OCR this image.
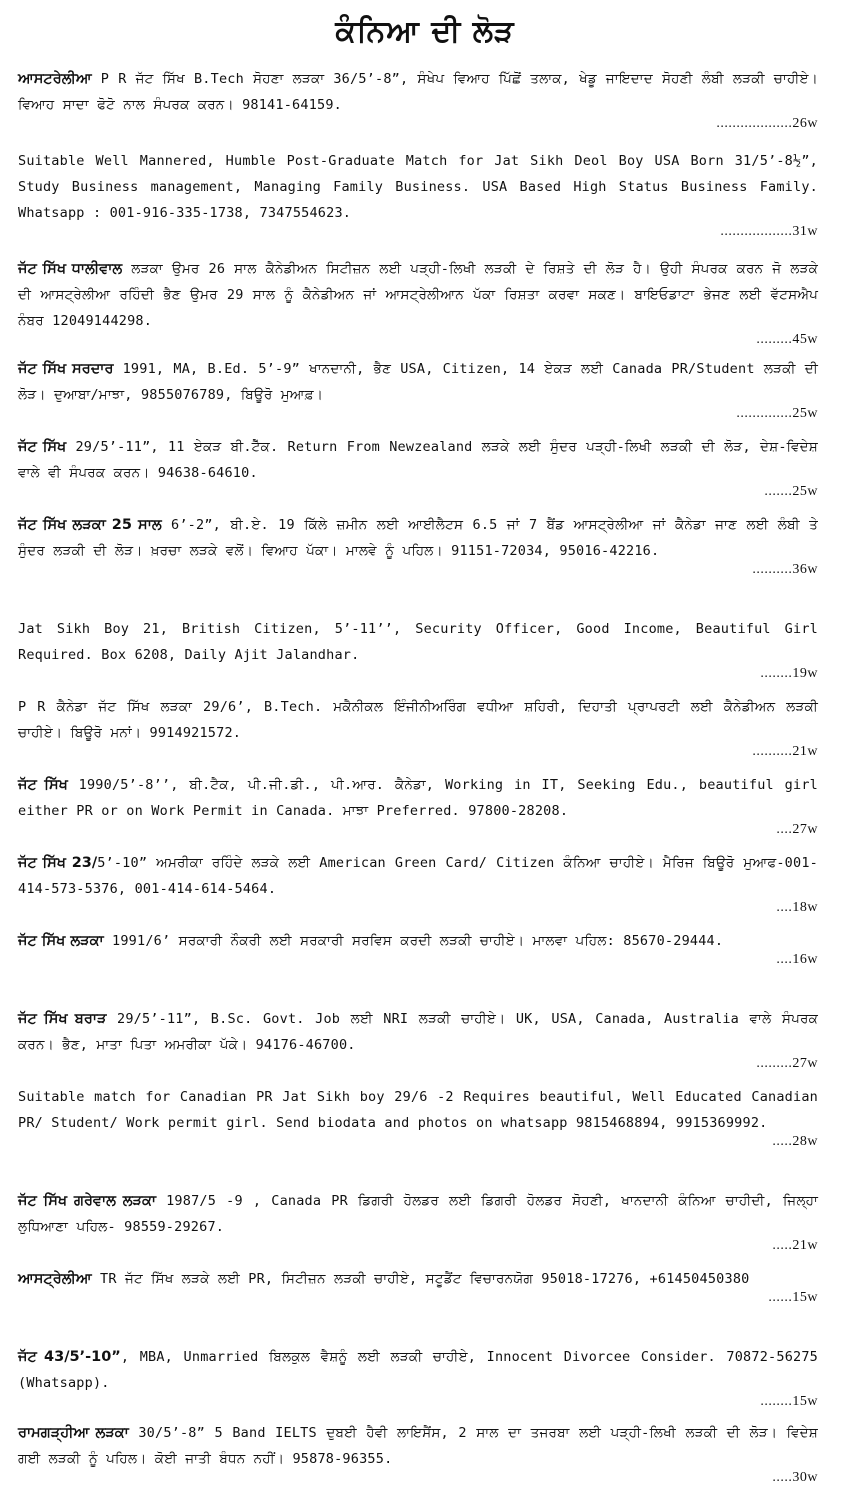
ਕੰਨਿਆ ਦੀ ਲੋੜ
ਆਸਟਰੇਲੀਆ P R ਜੱਟ ਸਿੱਖ B.Tech ਸੋਹਣਾ ਲੜਕਾ 36/5’-8”, ਸੰਖੇਪ ਵਿਆਹ ਪਿੱਛੋਂ ਤਲਾਕ, ਖੇਡੂ ਜਾਇਦਾਦ ਸੋਹਣੀ ਲੰਬੀ ਲੜਕੀ ਚਾਹੀਏ। ਵਿਆਹ ਸਾਦਾ ਫੋਟੋ ਨਾਲ ਸੰਪਰਕ ਕਰਨ। 98141-64159.
...................26w
Suitable Well Mannered, Humble Post-Graduate Match for Jat Sikh Deol Boy USA Born 31/5’-8½”, Study Business management, Managing Family Business. USA Based High Status Business Family. Whatsapp : 001-916-335-1738, 7347554623.
..................31w
ਜੱਟ ਸਿੱਖ ਧਾਲੀਵਾਲ ਲੜਕਾ ਉਮਰ 26 ਸਾਲ ਕੈਨੇਡੀਅਨ ਸਿਟੀਜ਼ਨ ਲਈ ਪੜ੍ਹੀ-ਲਿਖੀ ਲੜਕੀ ਦੇ ਰਿਸ਼ਤੇ ਦੀ ਲੋੜ ਹੈ। ਉਹੀ ਸੰਪਰਕ ਕਰਨ ਜੋ ਲੜਕੇ ਦੀ ਆਸਟ੍ਰੇਲੀਆ ਰਹਿੰਦੀ ਭੈਣ ਉਮਰ 29 ਸਾਲ ਨੂੰ ਕੈਨੇਡੀਅਨ ਜਾਂ ਆਸਟ੍ਰੇਲੀਆਨ ਪੱਕਾ ਰਿਸ਼ਤਾ ਕਰਵਾ ਸਕਣ। ਬਾਇਓਡਾਟਾ ਭੇਜਣ ਲਈ ਵੱਟਸਐਪ ਨੰਬਰ 12049144298.
.........45w
ਜੱਟ ਸਿੱਖ ਸਰਦਾਰ 1991, MA, B.Ed. 5’-9” ਖਾਨਦਾਨੀ, ਭੈਣ USA, Citizen, 14 ਏਕੜ ਲਈ Canada PR/Student ਲੜਕੀ ਦੀ ਲੋੜ। ਦੁਆਬਾ/ਮਾਝਾ, 9855076789, ਬਿਊਰੋ ਮੁਆਫ਼।
..............25w
ਜੱਟ ਸਿੱਖ 29/5’-11”, 11 ਏਕੜ ਬੀ.ਟੈੱਕ. Return From Newzealand ਲੜਕੇ ਲਈ ਸੁੰਦਰ ਪੜ੍ਹੀ-ਲਿਖੀ ਲੜਕੀ ਦੀ ਲੋੜ, ਦੇਸ਼-ਵਿਦੇਸ਼ ਵਾਲੇ ਵੀ ਸੰਪਰਕ ਕਰਨ। 94638-64610.
.......25w
ਜੱਟ ਸਿੱਖ ਲੜਕਾ 25 ਸਾਲ 6’-2”, ਬੀ.ਏ. 19 ਕਿੱਲੇ ਜ਼ਮੀਨ ਲਈ ਆਈਲੈਟਸ 6.5 ਜਾਂ 7 ਬੈਂਡ ਆਸਟ੍ਰੇਲੀਆ ਜਾਂ ਕੈਨੇਡਾ ਜਾਣ ਲਈ ਲੰਬੀ ਤੇ ਸੁੰਦਰ ਲੜਕੀ ਦੀ ਲੋੜ। ਖ਼ਰਚਾ ਲੜਕੇ ਵਲੋਂ। ਵਿਆਹ ਪੱਕਾ। ਮਾਲਵੇ ਨੂੰ ਪਹਿਲ। 91151-72034, 95016-42216.
..........36w
Jat Sikh Boy 21, British Citizen, 5’-11’’, Security Officer, Good Income, Beautiful Girl Required. Box 6208, Daily Ajit Jalandhar.
........19w
P R ਕੈਨੇਡਾ ਜੱਟ ਸਿੱਖ ਲੜਕਾ 29/6’, B.Tech. ਮਕੈਨੀਕਲ ਇੰਜੀਨੀਅਰਿੰਗ ਵਧੀਆ ਸ਼ਹਿਰੀ, ਦਿਹਾਤੀ ਪ੍ਰਾਪਰਟੀ ਲਈ ਕੈਨੇਡੀਅਨ ਲੜਕੀ ਚਾਹੀਏ। ਬਿਊਰੋ ਮਨਾਂ। 9914921572.
..........21w
ਜੱਟ ਸਿੱਖ 1990/5’-8’’, ਬੀ.ਟੈਕ, ਪੀ.ਜੀ.ਡੀ., ਪੀ.ਆਰ. ਕੈਨੇਡਾ, Working in IT, Seeking Edu., beautiful girl either PR or on Work Permit in Canada. ਮਾਝਾ Preferred. 97800-28208.
....27w
ਜੱਟ ਸਿੱਖ 23/5’-10” ਅਮਰੀਕਾ ਰਹਿੰਦੇ ਲੜਕੇ ਲਈ American Green Card/ Citizen ਕੰਨਿਆ ਚਾਹੀਏ। ਮੈਰਿਜ ਬਿਊਰੋ ਮੁਆਫ-001-414-573-5376, 001-414-614-5464.
....18w
ਜੱਟ ਸਿੱਖ ਲੜਕਾ 1991/6’ ਸਰਕਾਰੀ ਨੌਕਰੀ ਲਈ ਸਰਕਾਰੀ ਸਰਵਿਸ ਕਰਦੀ ਲੜਕੀ ਚਾਹੀਏ। ਮਾਲਵਾ ਪਹਿਲ: 85670-29444.
....16w
ਜੱਟ ਸਿੱਖ ਬਰਾੜ 29/5’-11”, B.Sc. Govt. Job ਲਈ NRI ਲੜਕੀ ਚਾਹੀਏ। UK, USA, Canada, Australia ਵਾਲੇ ਸੰਪਰਕ ਕਰਨ। ਭੈਣ, ਮਾਤਾ ਪਿਤਾ ਅਮਰੀਕਾ ਪੱਕੇ। 94176-46700.
.........27w
Suitable match for Canadian PR Jat Sikh boy 29/6 -2 Requires beautiful, Well Educated Canadian PR/ Student/ Work permit girl. Send biodata and photos on whatsapp 9815468894, 9915369992.
.....28w
ਜੱਟ ਸਿੱਖ ਗਰੇਵਾਲ ਲੜਕਾ 1987/5 -9 , Canada PR ਡਿਗਰੀ ਹੋਲਡਰ ਲਈ ਡਿਗਰੀ ਹੋਲਡਰ ਸੋਹਣੀ, ਖਾਨਦਾਨੀ ਕੰਨਿਆ ਚਾਹੀਦੀ, ਜਿਲ੍ਹਾ ਲੁਧਿਆਣਾ ਪਹਿਲ- 98559-29267.
.....21w
ਆਸਟ੍ਰੇਲੀਆ TR ਜੱਟ ਸਿੱਖ ਲੜਕੇ ਲਈ PR, ਸਿਟੀਜ਼ਨ ਲੜਕੀ ਚਾਹੀਏ, ਸਟੂਡੈਂਟ ਵਿਚਾਰਨਯੋਗ 95018-17276, +61450450380
......15w
ਜੱਟ 43/5’-10”, MBA, Unmarried ਬਿਲਕੁਲ ਵੈਸ਼ਨੂੰ ਲਈ ਲੜਕੀ ਚਾਹੀਏ, Innocent Divorcee Consider. 70872-56275 (Whatsapp).
........15w
ਰਾਮਗੜ੍ਹੀਆ ਲੜਕਾ 30/5’-8” 5 Band IELTS ਦੁਬਈ ਹੈਵੀ ਲਾਇਸੈਂਸ, 2 ਸਾਲ ਦਾ ਤਜਰਬਾ ਲਈ ਪੜ੍ਹੀ-ਲਿਖੀ ਲੜਕੀ ਦੀ ਲੋੜ। ਵਿਦੇਸ਼ ਗਈ ਲੜਕੀ ਨੂੰ ਪਹਿਲ। ਕੋਈ ਜਾਤੀ ਬੰਧਨ ਨਹੀਂ। 95878-96355.
.....30w
